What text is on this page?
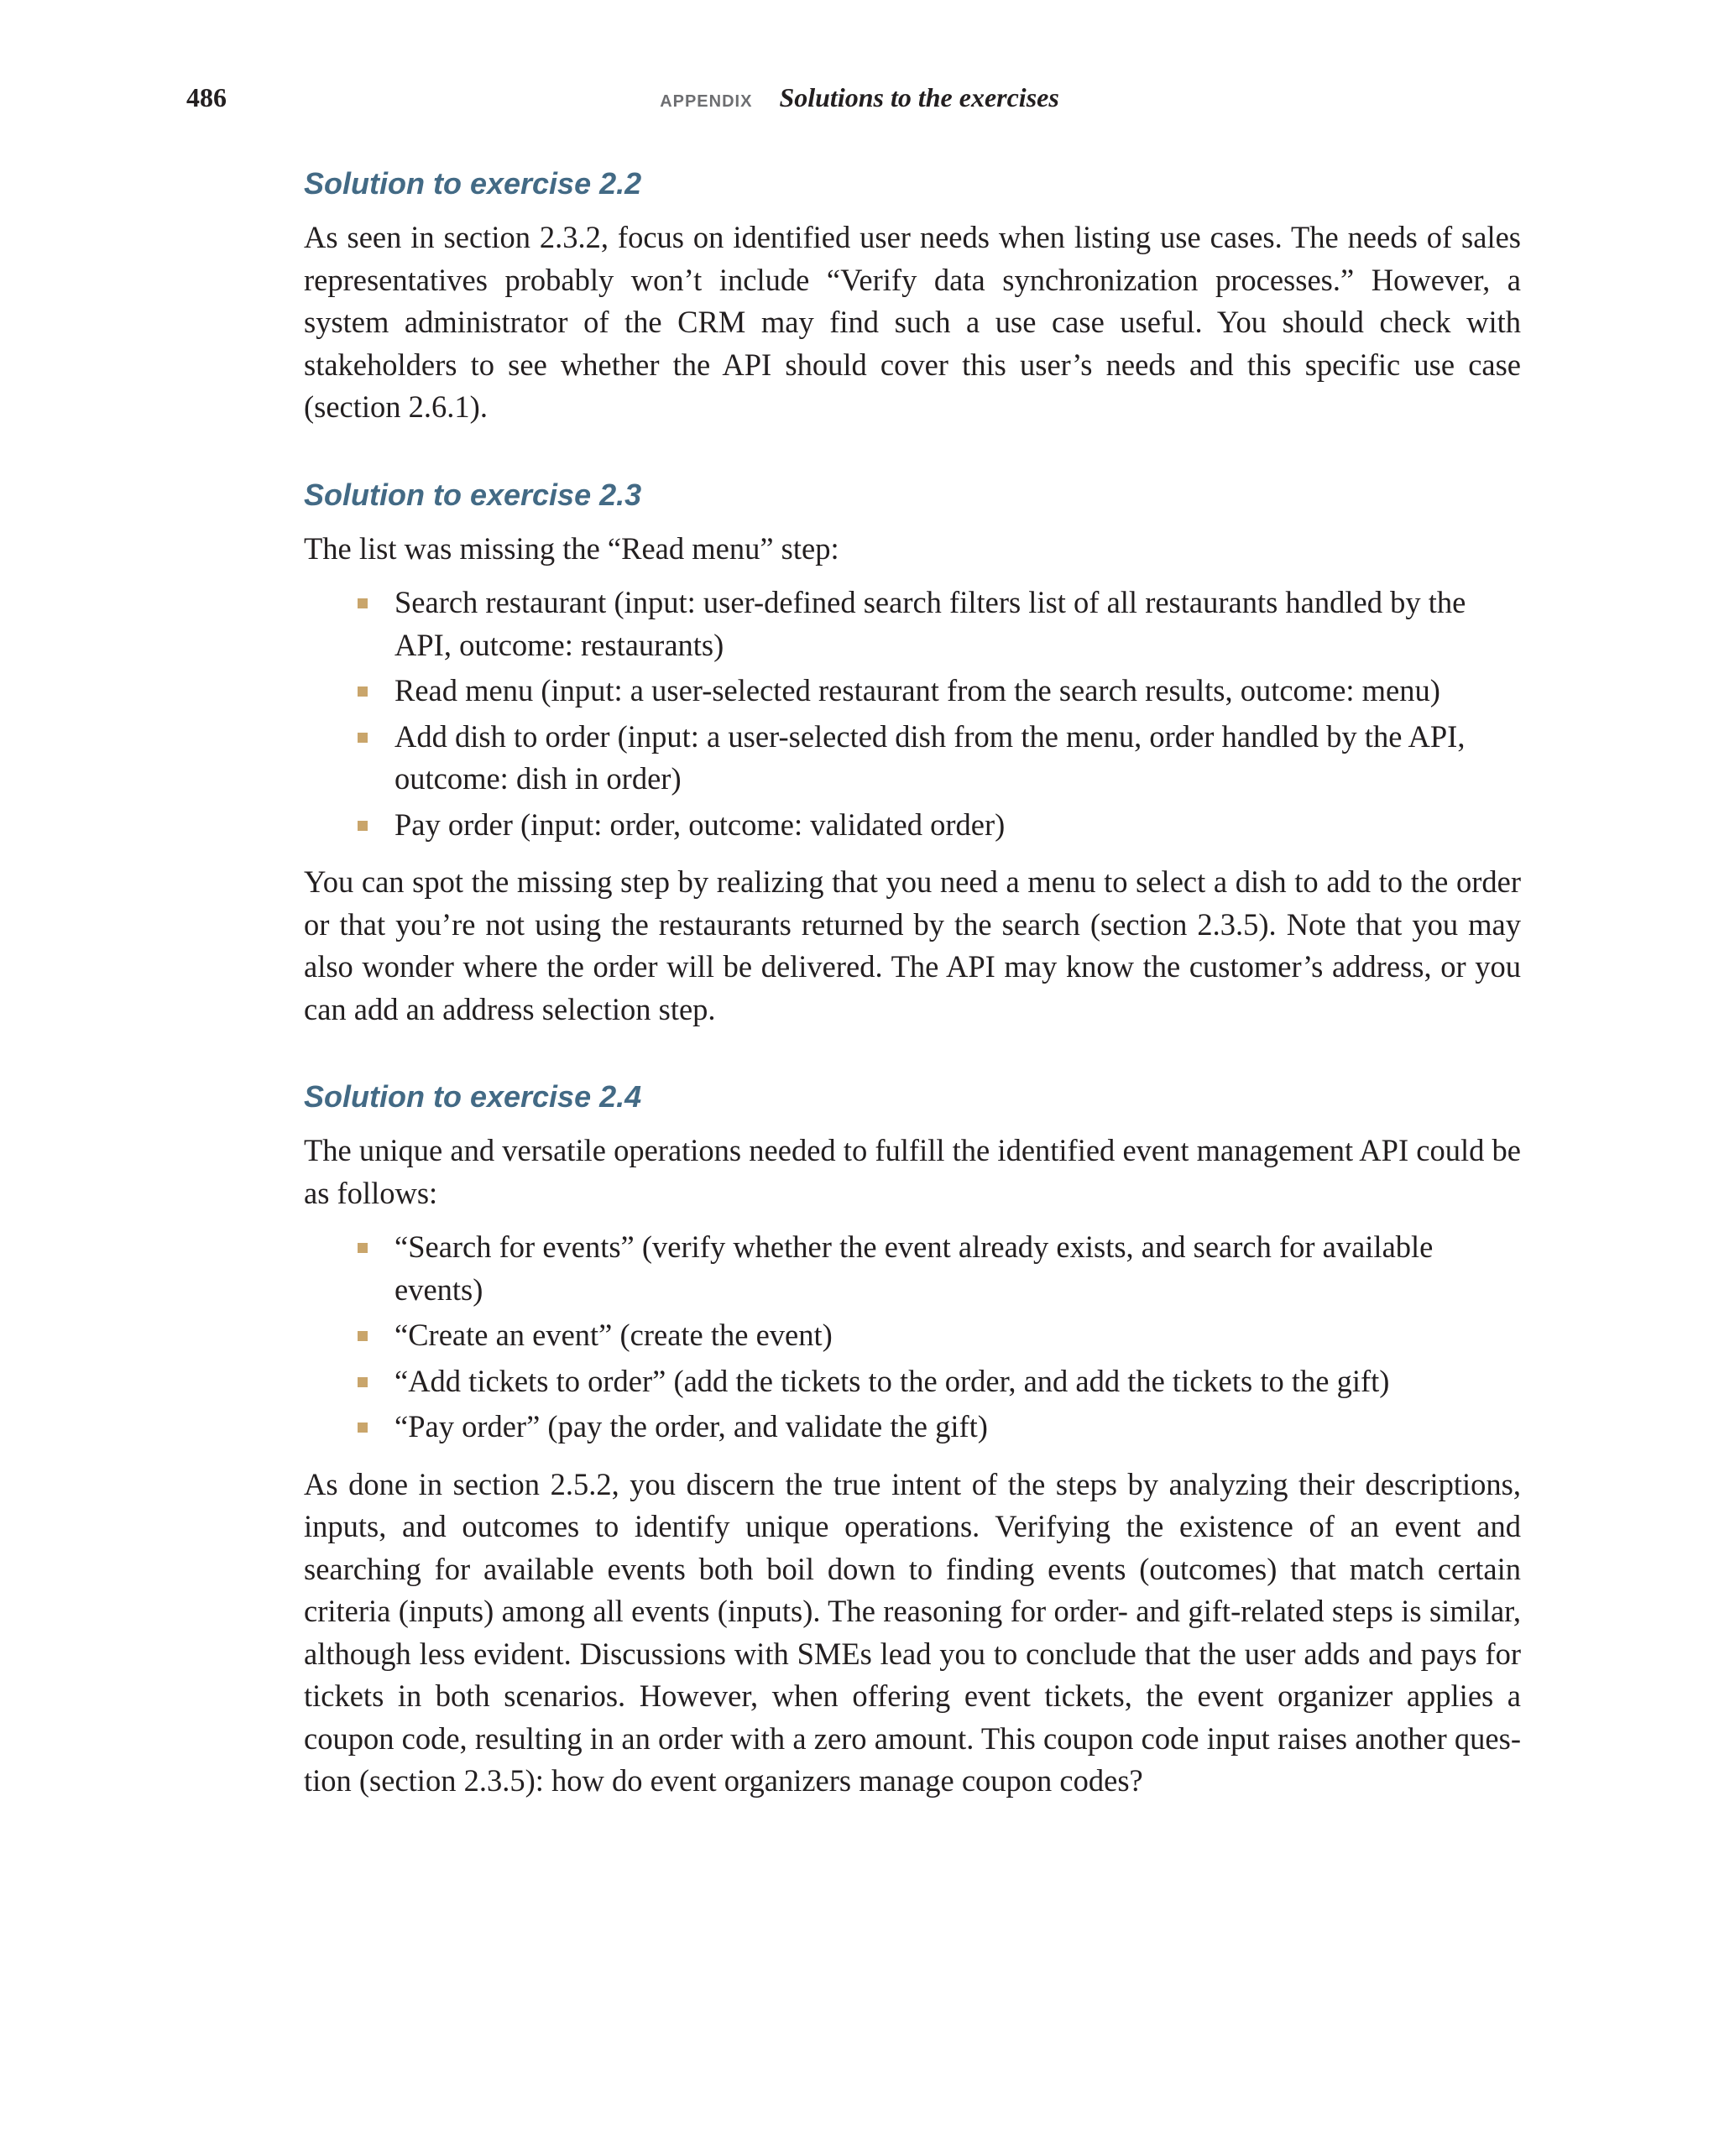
486	APPENDIX Solutions to the exercises
Solution to exercise 2.2

As seen in section 2.3.2, focus on identified user needs when listing use cases. The needs of sales representatives probably won’t include “Verify data synchronization processes.” However, a system administrator of the CRM may find such a use case useful. You should check with stakeholders to see whether the API should cover this user’s needs and this specific use case (section 2.6.1).

Solution to exercise 2.3

The list was missing the “Read menu” step:

Search restaurant (input: user-defined search filters list of all restaurants handled by the API, outcome: restaurants)
Read menu (input: a user-selected restaurant from the search results, outcome: menu)
Add dish to order (input: a user-selected dish from the menu, order handled by the API, outcome: dish in order)
Pay order (input: order, outcome: validated order)

You can spot the missing step by realizing that you need a menu to select a dish to add to the order or that you’re not using the restaurants returned by the search (section 2.3.5). Note that you may also wonder where the order will be delivered. The API may know the customer’s address, or you can add an address selection step.

Solution to exercise 2.4

The unique and versatile operations needed to fulfill the identified event management API could be as follows:

“Search for events” (verify whether the event already exists, and search for available events)
“Create an event” (create the event)
“Add tickets to order” (add the tickets to the order, and add the tickets to the gift)
“Pay order” (pay the order, and validate the gift)

As done in section 2.5.2, you discern the true intent of the steps by analyzing their descriptions, inputs, and outcomes to identify unique operations. Verifying the existence of an event and searching for available events both boil down to finding events (outcomes) that match certain criteria (inputs) among all events (inputs). The reasoning for order- and gift-related steps is similar, although less evident. Discussions with SMEs lead you to conclude that the user adds and pays for tickets in both scenarios. However, when offering event tickets, the event organizer applies a coupon code, resulting in an order with a zero amount. This coupon code input raises another question (section 2.3.5): how do event organizers manage coupon codes?
